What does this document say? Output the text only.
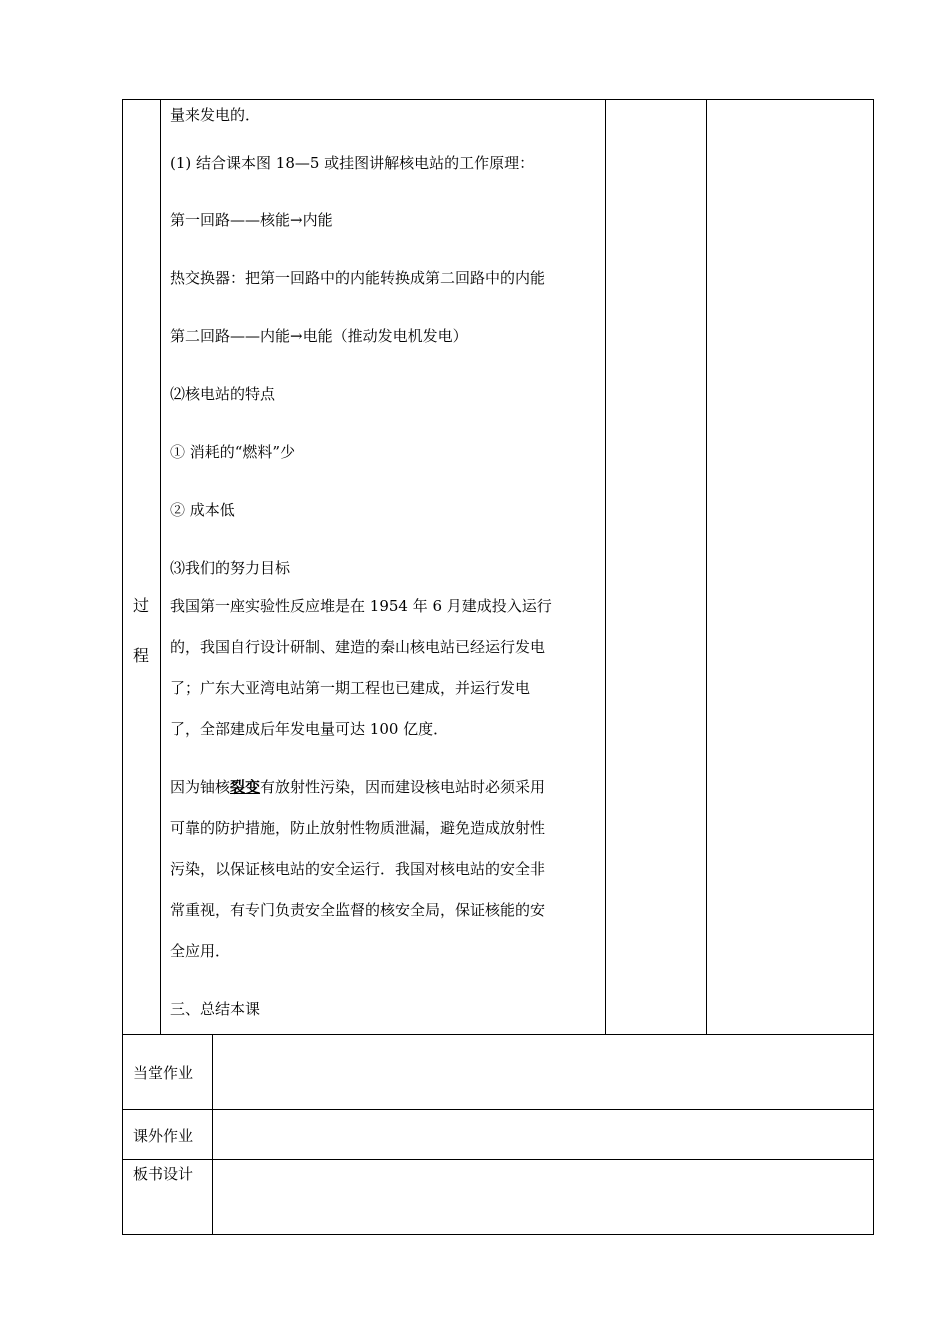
过
程
量来发电的．
(1) 结合课本图 18—5 或挂图讲解核电站的工作原理：
第一回路——核能→内能
热交换器：把第一回路中的内能转换成第二回路中的内能
第二回路——内能→电能（推动发电机发电）
⑵核电站的特点
① 消耗的“燃料”少
② 成本低
⑶我们的努力目标
我国第一座实验性反应堆是在 1954 年 6 月建成投入运行
的，我国自行设计研制、建造的秦山核电站已经运行发电
了；广东大亚湾电站第一期工程也已建成，并运行发电
了，全部建成后年发电量可达 100 亿度．
因为铀核裂变有放射性污染，因而建设核电站时必须采用
可靠的防护措施，防止放射性物质泄漏，避免造成放射性
污染，以保证核电站的安全运行．我国对核电站的安全非
常重视，有专门负责安全监督的核安全局，保证核能的安
全应用．
三、总结本课
当堂作业
课外作业
板书设计
